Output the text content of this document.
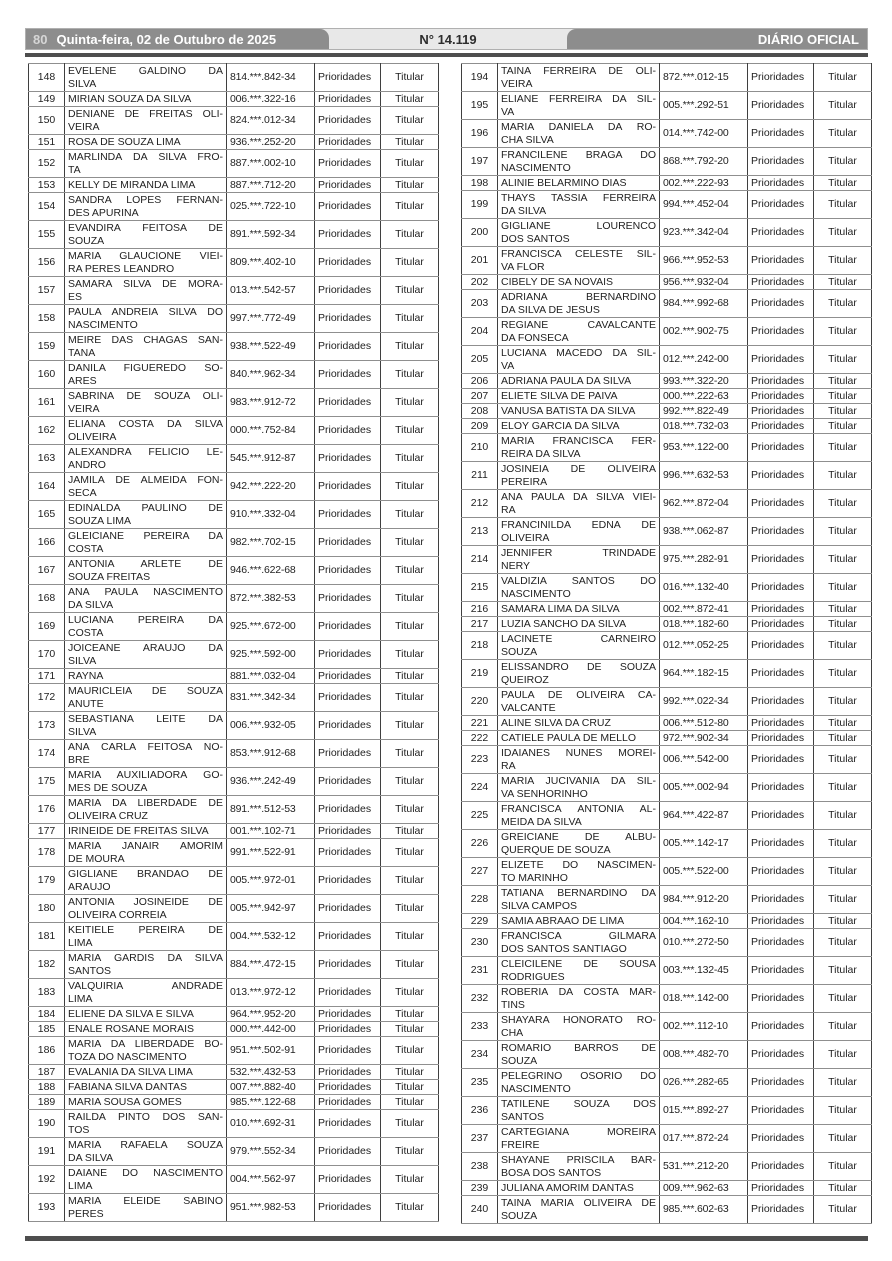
80 Quinta-feira, 02 de Outubro de 2025	N° 14.119	DIÁRIO OFICIAL
148	EVELENE GALDINO DA
SILVA	814.***.842-34	Prioridades	Titular
149	MIRIAN SOUZA DA SILVA	006.***.322-16	Prioridades	Titular
150	DENIANE DE FREITAS OLI-
VEIRA	824.***.012-34	Prioridades	Titular
151	ROSA DE SOUZA LIMA	936.***.252-20	Prioridades	Titular
152	MARLINDA DA SILVA FRO-
TA	887.***.002-10	Prioridades	Titular
153	KELLY DE MIRANDA LIMA	887.***.712-20	Prioridades	Titular
154	SANDRA LOPES FERNAN-
DES APURINA	025.***.722-10	Prioridades	Titular
155	EVANDIRA FEITOSA DE
SOUZA	891.***.592-34	Prioridades	Titular
156	MARIA GLAUCIONE VIEI-
RA PERES LEANDRO	809.***.402-10	Prioridades	Titular
157	SAMARA SILVA DE MORA-
ES	013.***.542-57	Prioridades	Titular
158	PAULA ANDREIA SILVA DO
NASCIMENTO	997.***.772-49	Prioridades	Titular
159	MEIRE DAS CHAGAS SAN-
TANA	938.***.522-49	Prioridades	Titular
160	DANILA FIGUEREDO SO-
ARES	840.***.962-34	Prioridades	Titular
161	SABRINA DE SOUZA OLI-
VEIRA	983.***.912-72	Prioridades	Titular
162	ELIANA COSTA DA SILVA
OLIVEIRA	000.***.752-84	Prioridades	Titular
163	ALEXANDRA FELICIO LE-
ANDRO	545.***.912-87	Prioridades	Titular
164	JAMILA DE ALMEIDA FON-
SECA	942.***.222-20	Prioridades	Titular
165	EDINALDA PAULINO DE
SOUZA LIMA	910.***.332-04	Prioridades	Titular
166	GLEICIANE PEREIRA DA
COSTA	982.***.702-15	Prioridades	Titular
167	ANTONIA ARLETE DE
SOUZA FREITAS	946.***.622-68	Prioridades	Titular
168	ANA PAULA NASCIMENTO
DA SILVA	872.***.382-53	Prioridades	Titular
169	LUCIANA PEREIRA DA
COSTA	925.***.672-00	Prioridades	Titular
170	JOICEANE ARAUJO DA
SILVA	925.***.592-00	Prioridades	Titular
171	RAYNA	881.***.032-04	Prioridades	Titular
172	MAURICLEIA DE SOUZA
ANUTE	831.***.342-34	Prioridades	Titular
173	SEBASTIANA LEITE DA
SILVA	006.***.932-05	Prioridades	Titular
174	ANA CARLA FEITOSA NO-
BRE	853.***.912-68	Prioridades	Titular
175	MARIA AUXILIADORA GO-
MES DE SOUZA	936.***.242-49	Prioridades	Titular
176	MARIA DA LIBERDADE DE
OLIVEIRA CRUZ	891.***.512-53	Prioridades	Titular
177	IRINEIDE DE FREITAS SILVA	001.***.102-71	Prioridades	Titular
178	MARIA JANAIR AMORIM
DE MOURA	991.***.522-91	Prioridades	Titular
179	GIGLIANE BRANDAO DE
ARAUJO	005.***.972-01	Prioridades	Titular
180	ANTONIA JOSINEIDE DE
OLIVEIRA CORREIA	005.***.942-97	Prioridades	Titular
181	KEITIELE PEREIRA DE
LIMA	004.***.532-12	Prioridades	Titular
182	MARIA GARDIS DA SILVA
SANTOS	884.***.472-15	Prioridades	Titular
183	VALQUIRIA ANDRADE
LIMA	013.***.972-12	Prioridades	Titular
184	ELIENE DA SILVA E SILVA	964.***.952-20	Prioridades	Titular
185	ENALE ROSANE MORAIS	000.***.442-00	Prioridades	Titular
186	MARIA DA LIBERDADE BO-
TOZA DO NASCIMENTO	951.***.502-91	Prioridades	Titular
187	EVALANIA DA SILVA LIMA	532.***.432-53	Prioridades	Titular
188	FABIANA SILVA DANTAS	007.***.882-40	Prioridades	Titular
189	MARIA SOUSA GOMES	985.***.122-68	Prioridades	Titular
190	RAILDA PINTO DOS SAN-
TOS	010.***.692-31	Prioridades	Titular
191	MARIA RAFAELA SOUZA
DA SILVA	979.***.552-34	Prioridades	Titular
192	DAIANE DO NASCIMENTO
LIMA	004.***.562-97	Prioridades	Titular
193	MARIA ELEIDE SABINO
PERES	951.***.982-53	Prioridades	Titular
194	TAINA FERREIRA DE OLI-
VEIRA	872.***.012-15	Prioridades	Titular
195	ELIANE FERREIRA DA SIL-
VA	005.***.292-51	Prioridades	Titular
196	MARIA DANIELA DA RO-
CHA SILVA	014.***.742-00	Prioridades	Titular
197	FRANCILENE BRAGA DO
NASCIMENTO	868.***.792-20	Prioridades	Titular
198	ALINIE BELARMINO DIAS	002.***.222-93	Prioridades	Titular
199	THAYS TASSIA FERREIRA
DA SILVA	994.***.452-04	Prioridades	Titular
200	GIGLIANE LOURENCO
DOS SANTOS	923.***.342-04	Prioridades	Titular
201	FRANCISCA CELESTE SIL-
VA FLOR	966.***.952-53	Prioridades	Titular
202	CIBELY DE SA NOVAIS	956.***.932-04	Prioridades	Titular
203	ADRIANA BERNARDINO
DA SILVA DE JESUS	984.***.992-68	Prioridades	Titular
204	REGIANE CAVALCANTE
DA FONSECA	002.***.902-75	Prioridades	Titular
205	LUCIANA MACEDO DA SIL-
VA	012.***.242-00	Prioridades	Titular
206	ADRIANA PAULA DA SILVA	993.***.322-20	Prioridades	Titular
207	ELIETE SILVA DE PAIVA	000.***.222-63	Prioridades	Titular
208	VANUSA BATISTA DA SILVA	992.***.822-49	Prioridades	Titular
209	ELOY GARCIA DA SILVA	018.***.732-03	Prioridades	Titular
210	MARIA FRANCISCA FER-
REIRA DA SILVA	953.***.122-00	Prioridades	Titular
211	JOSINEIA DE OLIVEIRA
PEREIRA	996.***.632-53	Prioridades	Titular
212	ANA PAULA DA SILVA VIEI-
RA	962.***.872-04	Prioridades	Titular
213	FRANCINILDA EDNA DE
OLIVEIRA	938.***.062-87	Prioridades	Titular
214	JENNIFER TRINDADE
NERY	975.***.282-91	Prioridades	Titular
215	VALDIZIA SANTOS DO
NASCIMENTO	016.***.132-40	Prioridades	Titular
216	SAMARA LIMA DA SILVA	002.***.872-41	Prioridades	Titular
217	LUZIA SANCHO DA SILVA	018.***.182-60	Prioridades	Titular
218	LACINETE CARNEIRO
SOUZA	012.***.052-25	Prioridades	Titular
219	ELISSANDRO DE SOUZA
QUEIROZ	964.***.182-15	Prioridades	Titular
220	PAULA DE OLIVEIRA CA-
VALCANTE	992.***.022-34	Prioridades	Titular
221	ALINE SILVA DA CRUZ	006.***.512-80	Prioridades	Titular
222	CATIELE PAULA DE MELLO	972.***.902-34	Prioridades	Titular
223	IDAIANES NUNES MOREI-
RA	006.***.542-00	Prioridades	Titular
224	MARIA JUCIVANIA DA SIL-
VA SENHORINHO	005.***.002-94	Prioridades	Titular
225	FRANCISCA ANTONIA AL-
MEIDA DA SILVA	964.***.422-87	Prioridades	Titular
226	GREICIANE DE ALBU-
QUERQUE DE SOUZA	005.***.142-17	Prioridades	Titular
227	ELIZETE DO NASCIMEN-
TO MARINHO	005.***.522-00	Prioridades	Titular
228	TATIANA BERNARDINO DA
SILVA CAMPOS	984.***.912-20	Prioridades	Titular
229	SAMIA ABRAAO DE LIMA	004.***.162-10	Prioridades	Titular
230	FRANCISCA GILMARA
DOS SANTOS SANTIAGO	010.***.272-50	Prioridades	Titular
231	CLEICILENE DE SOUSA
RODRIGUES	003.***.132-45	Prioridades	Titular
232	ROBERIA DA COSTA MAR-
TINS	018.***.142-00	Prioridades	Titular
233	SHAYARA HONORATO RO-
CHA	002.***.112-10	Prioridades	Titular
234	ROMARIO BARROS DE
SOUZA	008.***.482-70	Prioridades	Titular
235	PELEGRINO OSORIO DO
NASCIMENTO	026.***.282-65	Prioridades	Titular
236	TATILENE SOUZA DOS
SANTOS	015.***.892-27	Prioridades	Titular
237	CARTEGIANA MOREIRA
FREIRE	017.***.872-24	Prioridades	Titular
238	SHAYANE PRISCILA BAR-
BOSA DOS SANTOS	531.***.212-20	Prioridades	Titular
239	JULIANA AMORIM DANTAS	009.***.962-63	Prioridades	Titular
240	TAINA MARIA OLIVEIRA DE
SOUZA	985.***.602-63	Prioridades	Titular
